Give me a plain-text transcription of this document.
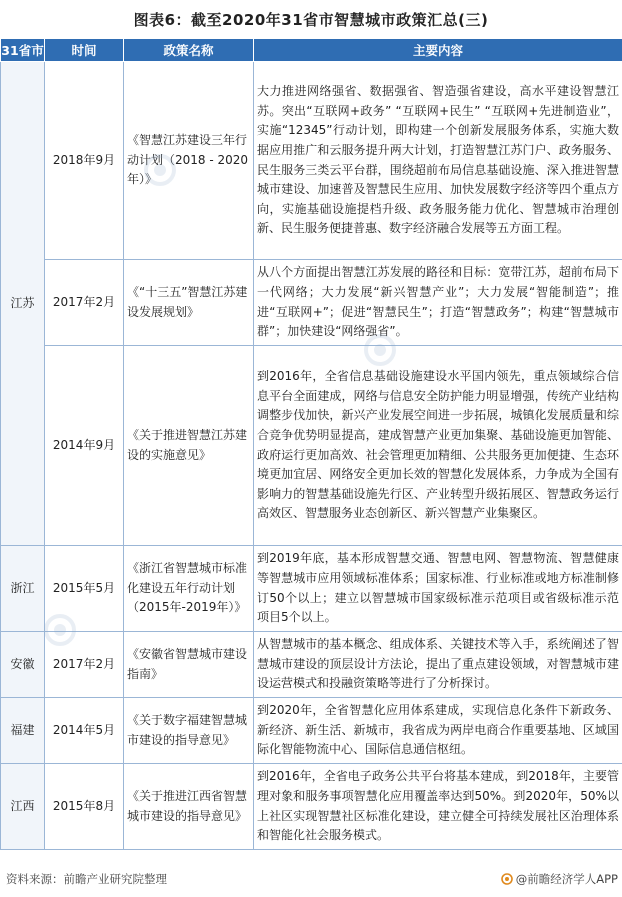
图表6：截至2020年31省市智慧城市政策汇总(三)
31省市	时间	政策名称	主要内容
江苏	2018年9月	《智慧江苏建设三年行动计划（2018 - 2020年）》	大力推进网络强省、数据强省、智造强省建设，高水平建设智慧江苏。突出“互联网+政务” “互联网+民生” “互联网+先进制造业”，实施“12345”行动计划，即构建一个创新发展服务体系，实施大数据应用推广和云服务提升两大计划，打造智慧江苏门户、政务服务、民生服务三类云平台群，围绕超前布局信息基础设施、深入推进智慧城市建设、加速普及智慧民生应用、加快发展数字经济等四个重点方向，实施基础设施提档升级、政务服务能力优化、智慧城市治理创新、民生服务便捷普惠、数字经济融合发展等五方面工程。
	2017年2月	《“十三五”智慧江苏建设发展规划》	从八个方面提出智慧江苏发展的路径和目标：宽带江苏，超前布局下一代网络；大力发展“新兴智慧产业”；大力发展“智能制造”；推进“互联网+”；促进“智慧民生”；打造“智慧政务”；构建“智慧城市群”；加快建设“网络强省”。
	2014年9月	《关于推进智慧江苏建设的实施意见》	到2016年，全省信息基础设施建设水平国内领先，重点领域综合信息平台全面建成，网络与信息安全防护能力明显增强，传统产业结构调整步伐加快，新兴产业发展空间进一步拓展，城镇化发展质量和综合竞争优势明显提高，建成智慧产业更加集聚、基础设施更加智能、政府运行更加高效、社会管理更加精细、公共服务更加便捷、生态环境更加宜居、网络安全更加长效的智慧化发展体系，力争成为全国有影响力的智慧基础设施先行区、产业转型升级拓展区、智慧政务运行高效区、智慧服务业态创新区、新兴智慧产业集聚区。
浙江	2015年5月	《浙江省智慧城市标准化建设五年行动计划（2015年-2019年）》	到2019年底，基本形成智慧交通、智慧电网、智慧物流、智慧健康等智慧城市应用领域标准体系；国家标准、行业标准或地方标准制修订50个以上；建立以智慧城市国家级标准示范项目或省级标准示范项目5个以上。
安徽	2017年2月	《安徽省智慧城市建设指南》	从智慧城市的基本概念、组成体系、关键技术等入手，系统阐述了智慧城市建设的顶层设计方法论，提出了重点建设领域，对智慧城市建设运营模式和投融资策略等进行了分析探讨。
福建	2014年5月	《关于数字福建智慧城市建设的指导意见》	到2020年，全省智慧化应用体系建成，实现信息化条件下新政务、新经济、新生活、新城市，我省成为两岸电商合作重要基地、区域国际化智能物流中心、国际信息通信枢纽。
江西	2015年8月	《关于推进江西省智慧城市建设的指导意见》	到2016年，全省电子政务公共平台将基本建成，到2018年，主要管理对象和服务事项智慧化应用覆盖率达到50%。到2020年，50%以上社区实现智慧社区标准化建设，建立健全可持续发展社区治理体系和智能化社会服务模式。
资料来源：前瞻产业研究院整理	@前瞻经济学人APP
